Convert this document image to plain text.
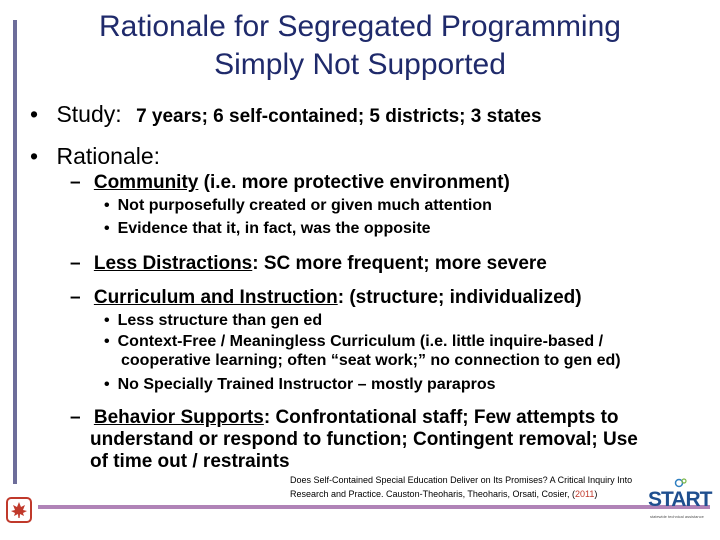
Rationale for Segregated Programming
Simply Not Supported
• Study: 7 years; 6 self-contained; 5 districts; 3 states
• Rationale:
– Community (i.e. more protective environment)
• Not purposefully created or given much attention
• Evidence that it, in fact, was the opposite
– Less Distractions: SC more frequent; more severe
– Curriculum and Instruction: (structure; individualized)
• Less structure than gen ed
• Context-Free / Meaningless Curriculum (i.e. little inquire-based /
cooperative learning; often “seat work;” no connection to gen ed)
• No Specially Trained Instructor – mostly parapros
– Behavior Supports: Confrontational staff; Few attempts to
understand or respond to function; Contingent removal; Use
of time out / restraints
Does Self-Contained Special Education Deliver on Its Promises? A Critical Inquiry Into
Research and Practice. Causton-Theoharis, Theoharis, Orsati, Cosier, (2011)	START
statewide technical assistance
